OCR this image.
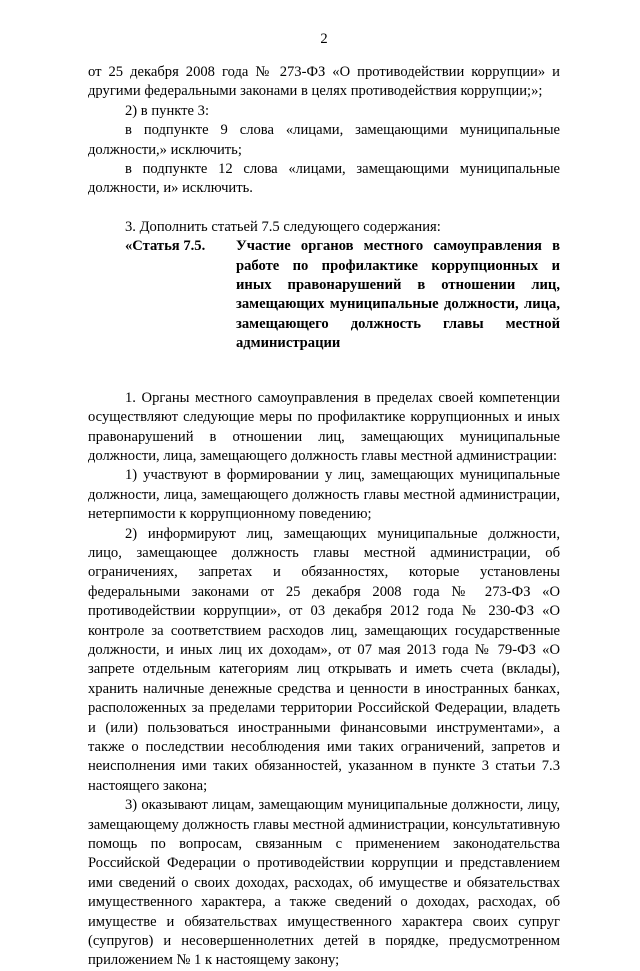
2

от 25 декабря 2008 года № 273-ФЗ «О противодействии коррупции» и другими федеральными законами в целях противодействия коррупции;»;

2) в пункте 3:

в подпункте 9 слова «лицами, замещающими муниципальные должности,» исключить;

в подпункте 12 слова «лицами, замещающими муниципальные должности, и» исключить.

3. Дополнить статьей 7.5 следующего содержания:

«Статья 7.5.	Участие органов местного самоуправления в работе по профилактике коррупционных и иных правонарушений в отношении лиц, замещающих муниципальные должности, лица, замещающего должность главы местной администрации

1. Органы местного самоуправления в пределах своей компетенции осуществляют следующие меры по профилактике коррупционных и иных правонарушений в отношении лиц, замещающих муниципальные должности, лица, замещающего должность главы местной администрации:

1) участвуют в формировании у лиц, замещающих муниципальные должности, лица, замещающего должность главы местной администрации, нетерпимости к коррупционному поведению;

2) информируют лиц, замещающих муниципальные должности, лицо, замещающее должность главы местной администрации, об ограничениях, запретах и обязанностях, которые установлены федеральными законами от 25 декабря 2008 года № 273-ФЗ «О противодействии коррупции», от 03 декабря 2012 года № 230-ФЗ «О контроле за соответствием расходов лиц, замещающих государственные должности, и иных лиц их доходам», от 07 мая 2013 года № 79-ФЗ «О запрете отдельным категориям лиц открывать и иметь счета (вклады), хранить наличные денежные средства и ценности в иностранных банках, расположенных за пределами территории Российской Федерации, владеть и (или) пользоваться иностранными финансовыми инструментами», а также о последствии несоблюдения ими таких ограничений, запретов и неисполнения ими таких обязанностей, указанном в пункте 3 статьи 7.3 настоящего закона;

3) оказывают лицам, замещающим муниципальные должности, лицу, замещающему должность главы местной администрации, консультативную помощь по вопросам, связанным с применением законодательства Российской Федерации о противодействии коррупции и представлением ими сведений о своих доходах, расходах, об имуществе и обязательствах имущественного характера, а также сведений о доходах, расходах, об имуществе и обязательствах имущественного характера своих супруг (супругов) и несовершеннолетних детей в порядке, предусмотренном приложением № 1 к настоящему закону;
